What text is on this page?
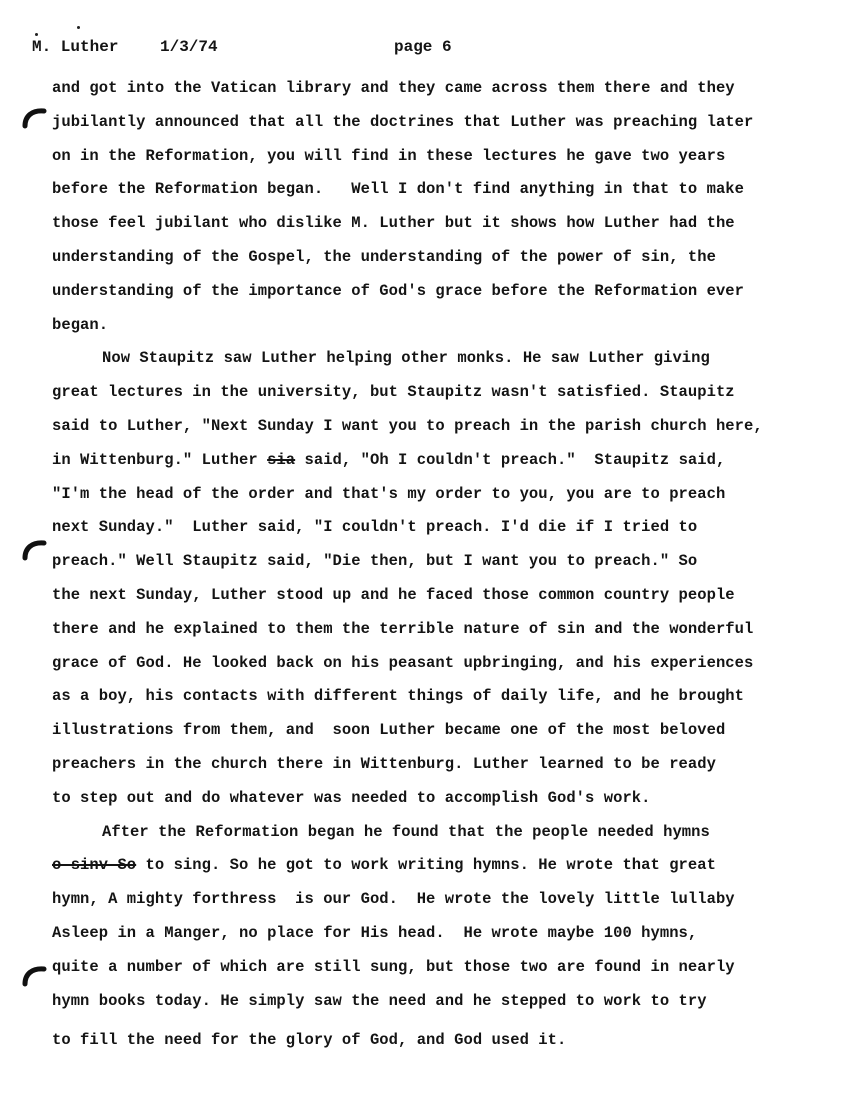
M. Luther

	1/3/74

	page 6

and got into the Vatican library and they came across them there and they
jubilantly announced that all the doctrines that Luther was preaching later
on in the Reformation, you will find in these lectures he gave two years
before the Reformation began.   Well I don't find anything in that to make
those feel jubilant who dislike M. Luther but it shows how Luther had the
understanding of the Gospel, the understanding of the power of sin, the
understanding of the importance of God's grace before the Reformation ever
began.
Now Staupitz saw Luther helping other monks. He saw Luther giving
great lectures in the university, but Staupitz wasn't satisfied. Staupitz
said to Luther, "Next Sunday I want you to preach in the parish church here,
in Wittenburg." Luther sia said, "Oh I couldn't preach."  Staupitz said,
"I'm the head of the order and that's my order to you, you are to preach
next Sunday."  Luther said, "I couldn't preach. I'd die if I tried to
preach." Well Staupitz said, "Die then, but I want you to preach." So
the next Sunday, Luther stood up and he faced those common country people
there and he explained to them the terrible nature of sin and the wonderful
grace of God. He looked back on his peasant upbringing, and his experiences
as a boy, his contacts with different things of daily life, and he brought
illustrations from them, and  soon Luther became one of the most beloved
preachers in the church there in Wittenburg. Luther learned to be ready
to step out and do whatever was needed to accomplish God's work.
After the Reformation began he found that the people needed hymns
o-sinv-So to sing. So he got to work writing hymns. He wrote that great
hymn, A mighty forthress  is our God.  He wrote the lovely little lullaby
Asleep in a Manger, no place for His head.  He wrote maybe 100 hymns,
quite a number of which are still sung, but those two are found in nearly
hymn books today. He simply saw the need and he stepped to work to try
to fill the need for the glory of God, and God used it.
